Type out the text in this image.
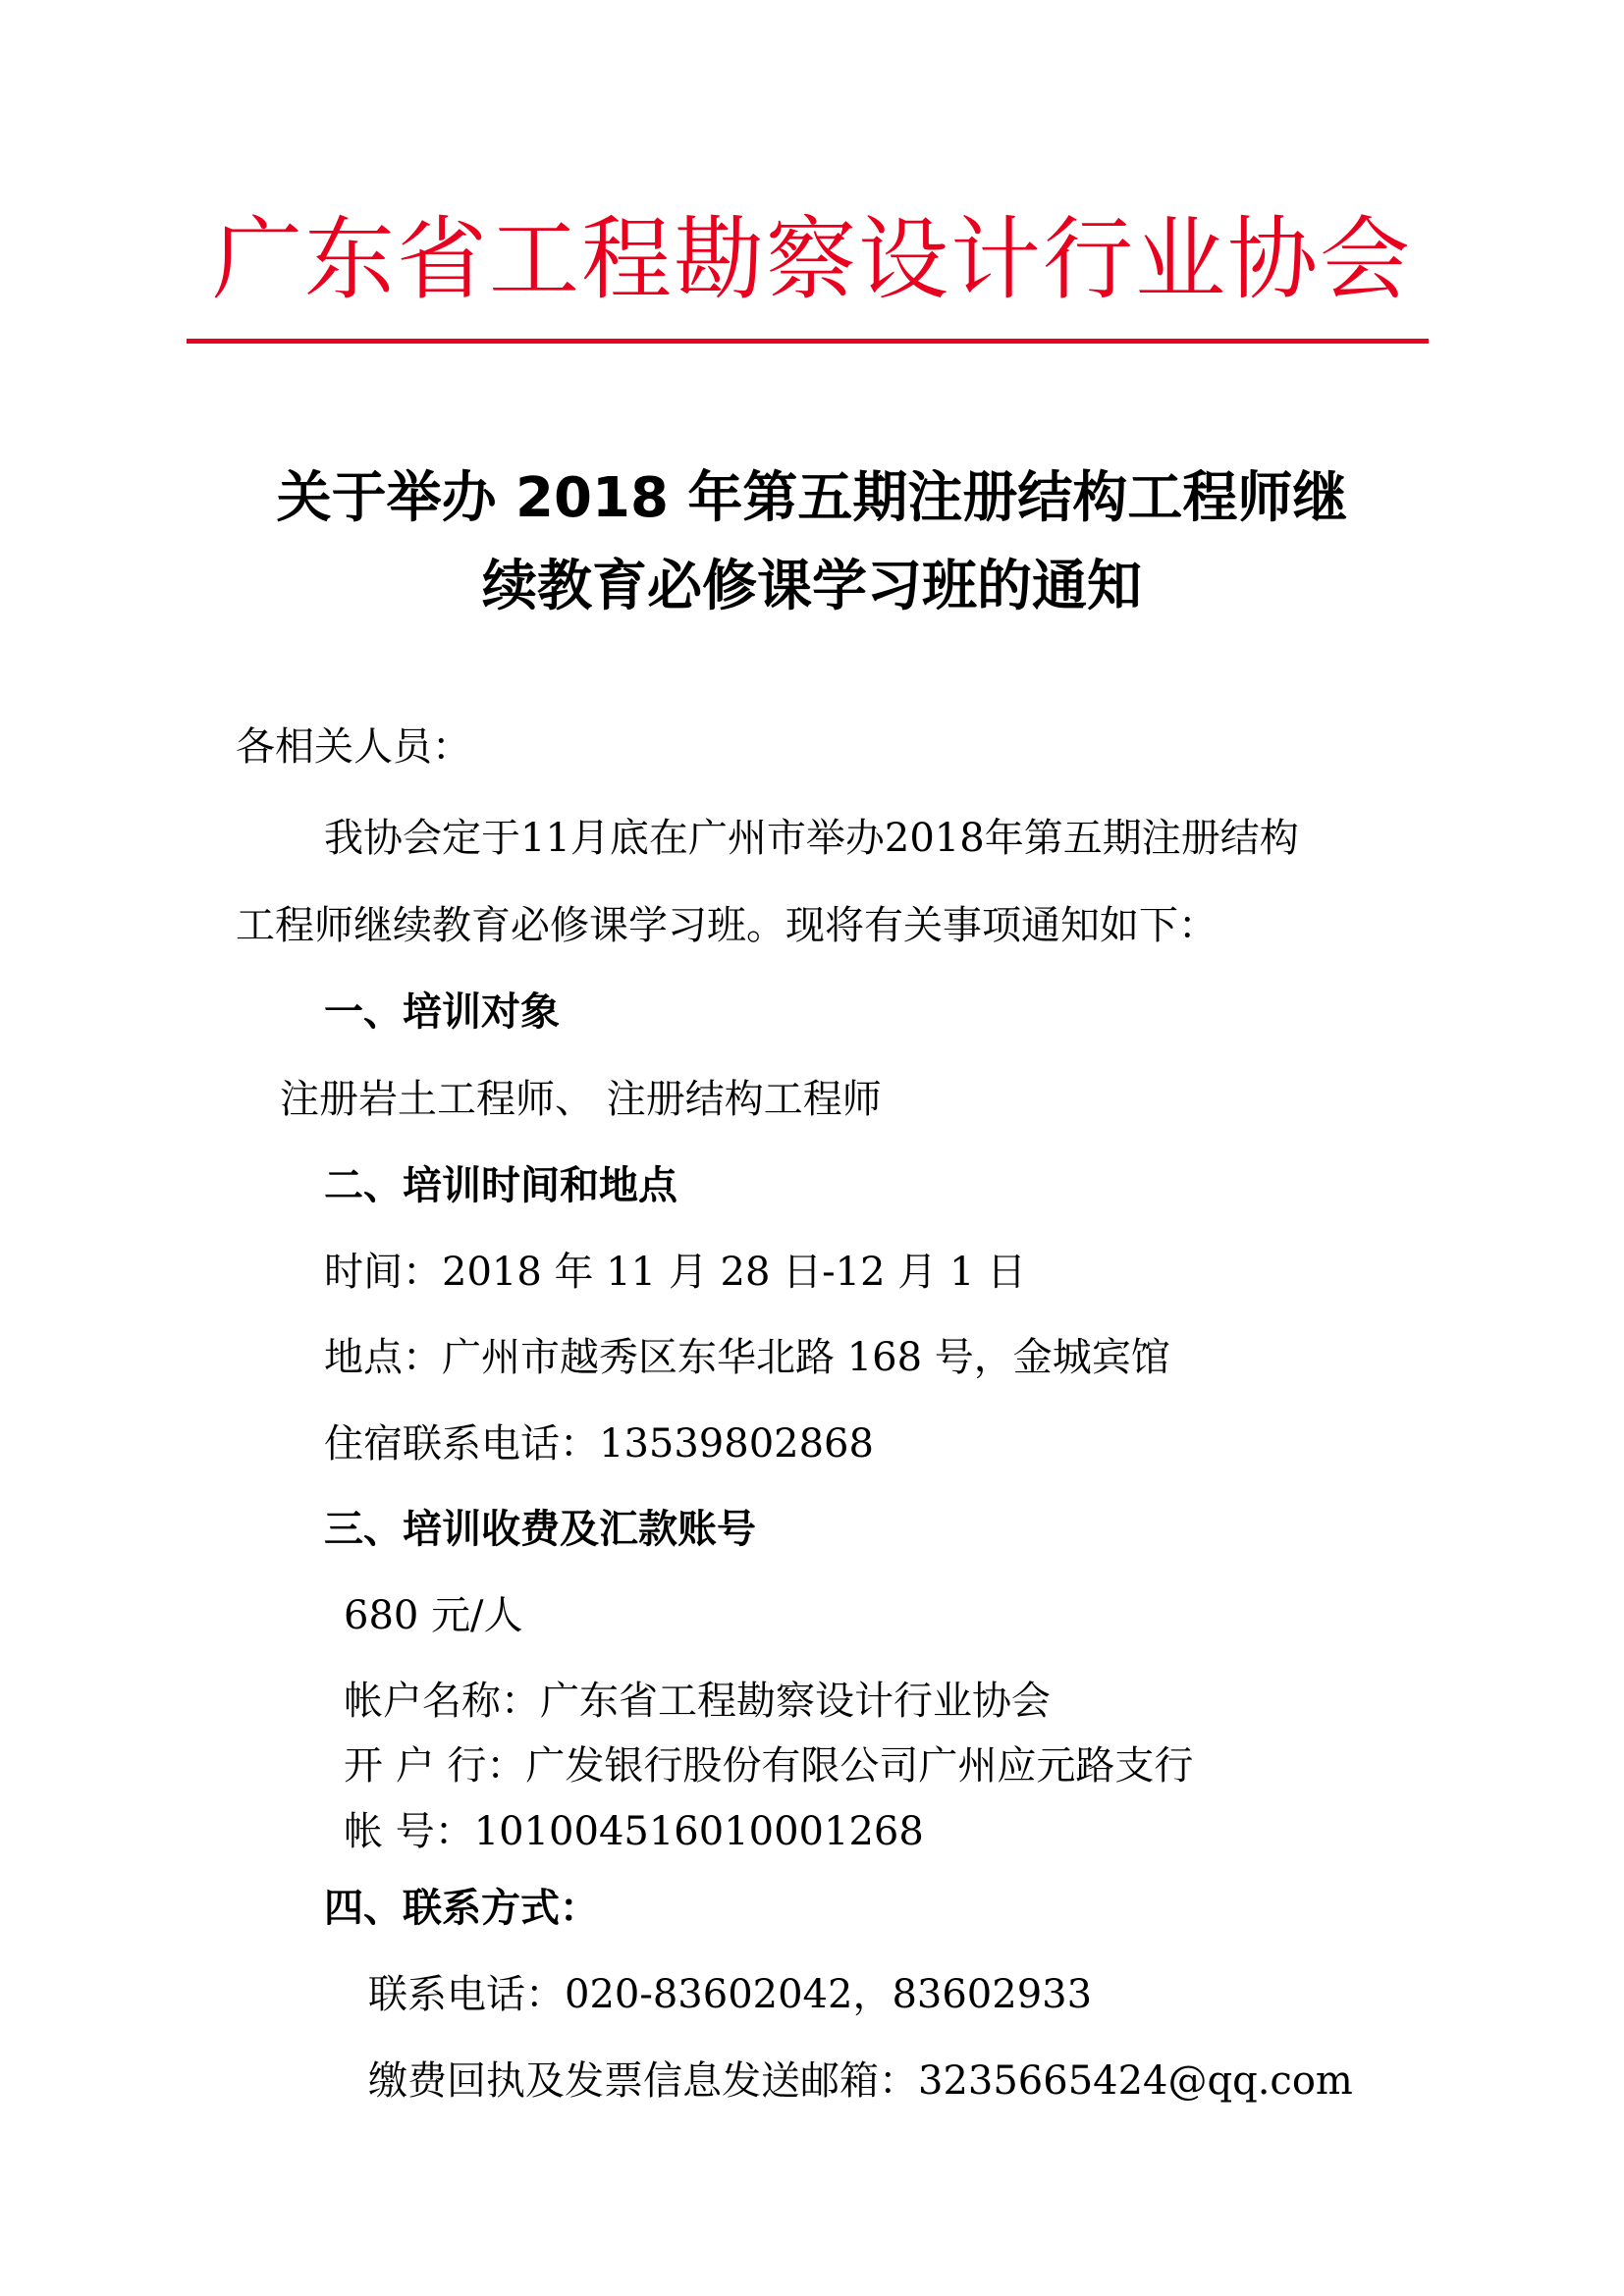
广东省工程勘察设计行业协会
关于举办 2018 年第五期注册结构工程师继
续教育必修课学习班的通知
各相关人员：
我协会定于11月底在广州市举办2018年第五期注册结构
工程师继续教育必修课学习班。现将有关事项通知如下：
一、培训对象
注册岩土工程师、 注册结构工程师
二、培训时间和地点
时间：2018 年 11 月 28 日-12 月 1 日
地点：广州市越秀区东华北路 168 号，金城宾馆
住宿联系电话：13539802868
三、培训收费及汇款账号
680 元/人
帐户名称：广东省工程勘察设计行业协会
开 户 行：广发银行股份有限公司广州应元路支行
帐 号：101004516010001268
四、联系方式：
联系电话：020-83602042，83602933
缴费回执及发票信息发送邮箱：3235665424@qq.com
